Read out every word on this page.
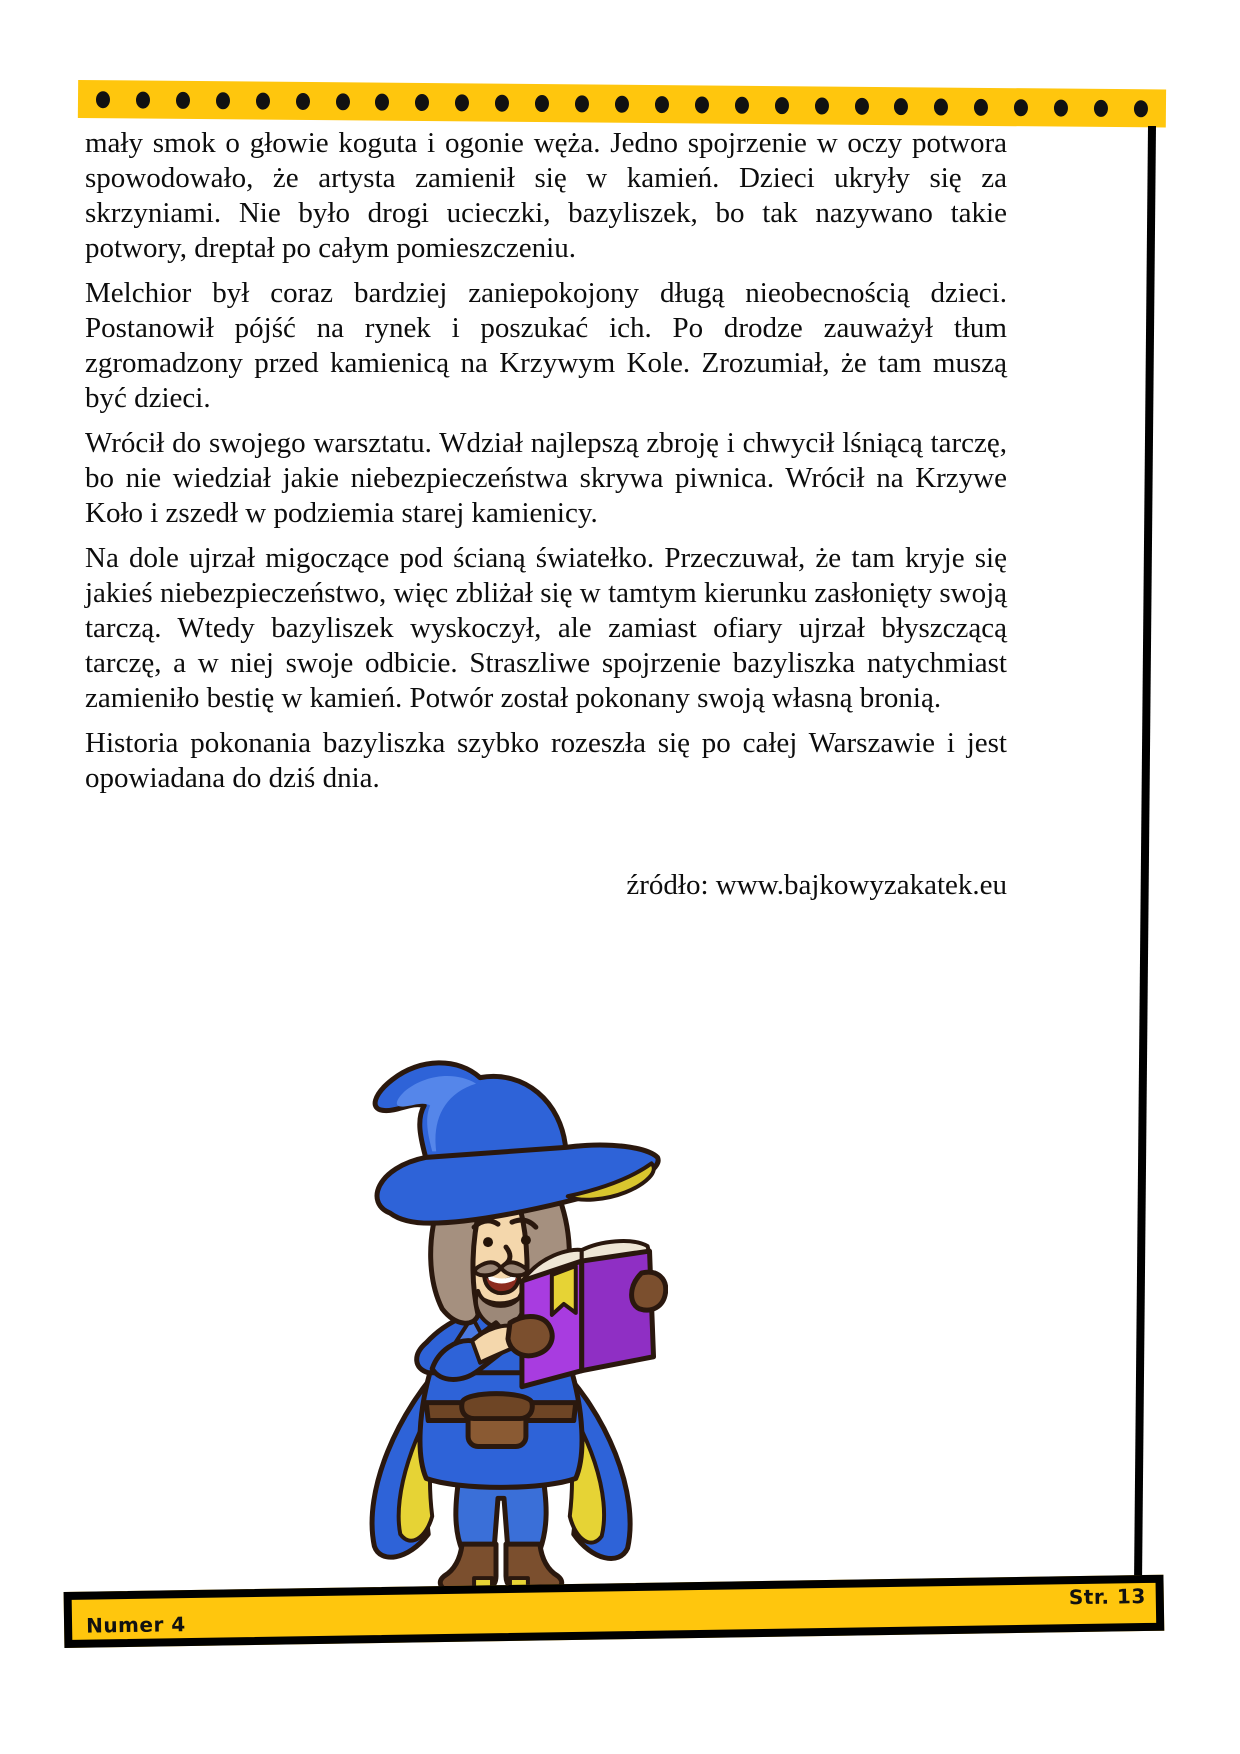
mały smok o głowie koguta i ogonie węża. Jedno spojrzenie w oczy potwora spowodowało, że artysta zamienił się w kamień. Dzieci ukryły się za skrzyniami. Nie było drogi ucieczki, bazyliszek, bo tak nazywano takie potwory, dreptał po całym pomieszczeniu.

Melchior był coraz bardziej zaniepokojony długą nieobecnością dzieci. Postanowił pójść na rynek i poszukać ich. Po drodze zauważył tłum zgromadzony przed kamienicą na Krzywym Kole. Zrozumiał, że tam muszą być dzieci.

Wrócił do swojego warsztatu. Wdział najlepszą zbroję i chwycił lśniącą tarczę, bo nie wiedział jakie niebezpieczeństwa skrywa piwnica. Wrócił na Krzywe Koło i zszedł w podziemia starej kamienicy.

Na dole ujrzał migoczące pod ścianą światełko. Przeczuwał, że tam kryje się jakieś niebezpieczeństwo, więc zbliżał się w tamtym kierunku zasłonięty swoją tarczą. Wtedy bazyliszek wyskoczył, ale zamiast ofiary ujrzał błyszczącą tarczę, a w niej swoje odbicie. Straszliwe spojrzenie bazyliszka natychmiast zamieniło bestię w kamień. Potwór został pokonany swoją własną bronią.

Historia pokonania bazyliszka szybko rozeszła się po całej Warszawie i jest opowiadana do dziś dnia.

źródło: www.bajkowyzakatek.eu
Numer 4
Str. 13
